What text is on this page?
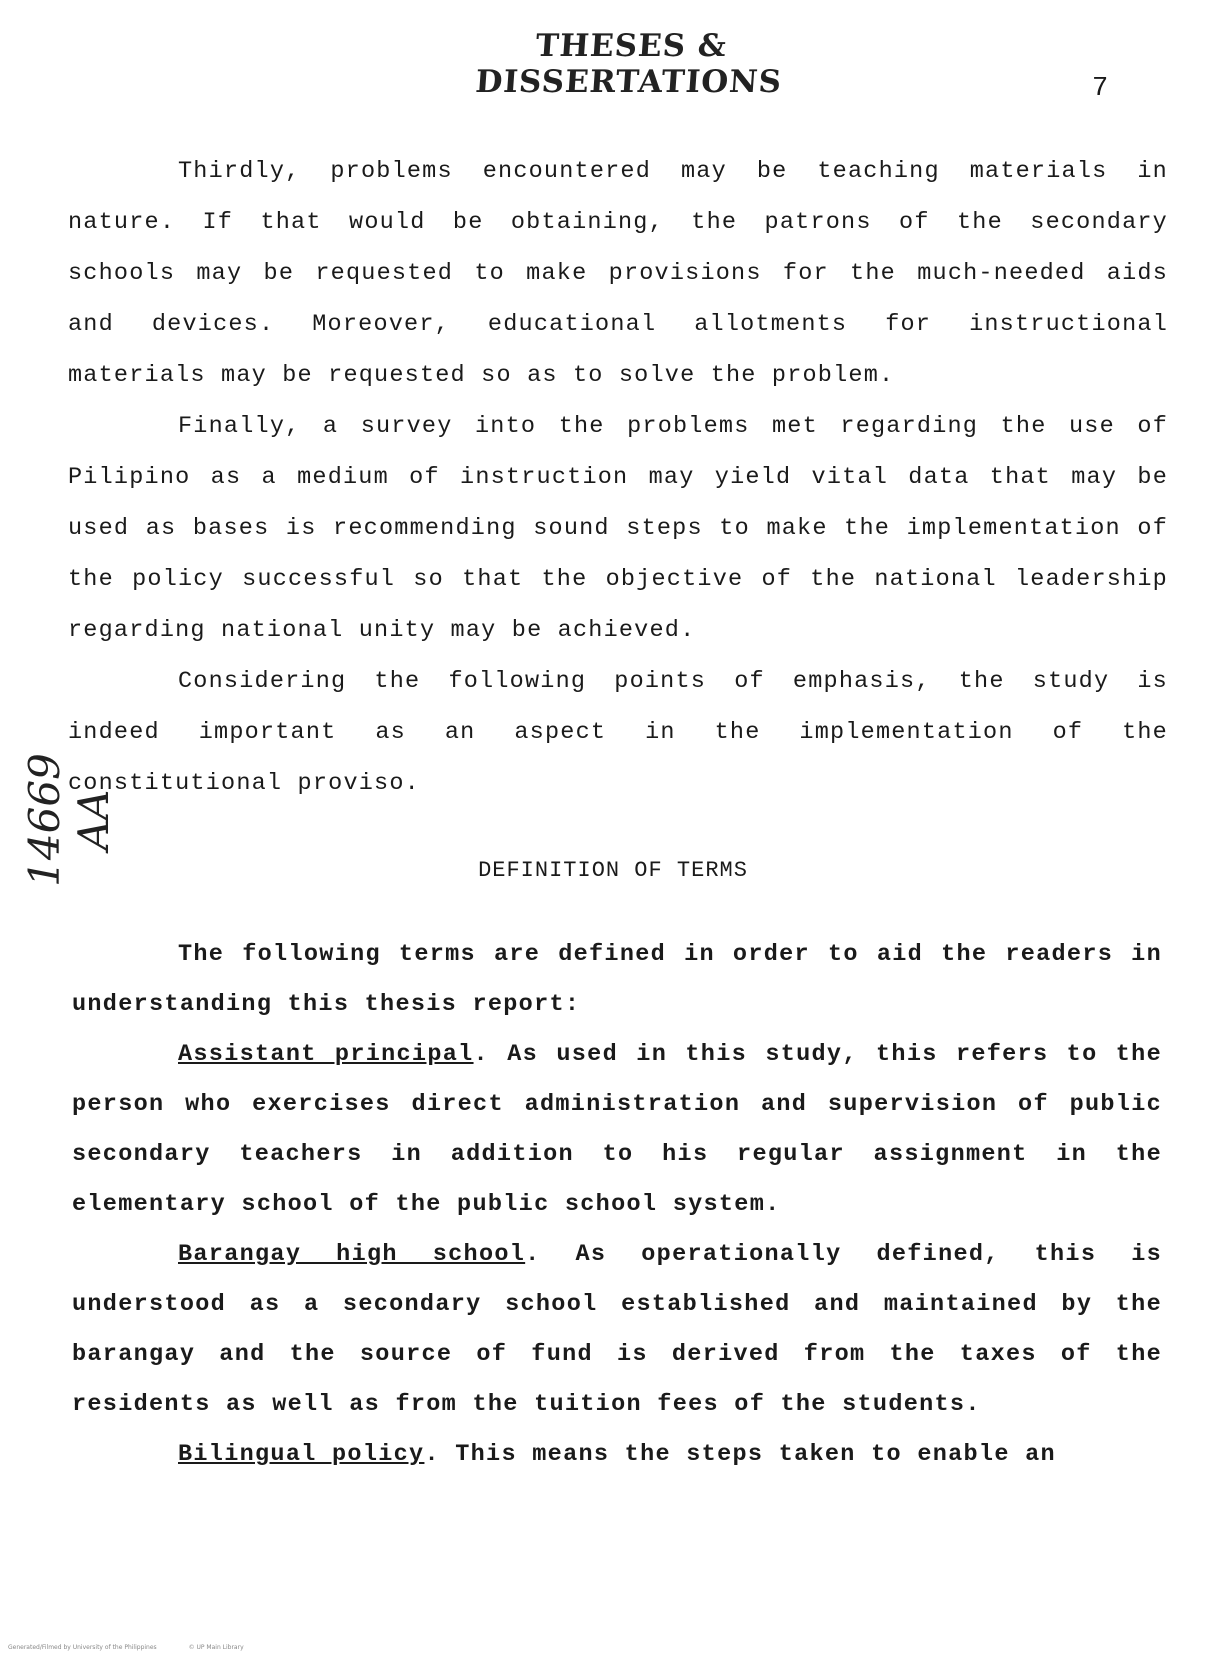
THESES & DISSERTATIONS	7
14669 AA

Thirdly, problems encountered may be teaching materials in nature. If that would be obtaining, the patrons of the secondary schools may be requested to make provisions for the much-needed aids and devices. Moreover, educational allotments for instructional materials may be requested so as to solve the problem.

Finally, a survey into the problems met regarding the use of Pilipino as a medium of instruction may yield vital data that may be used as bases is recommending sound steps to make the implementation of the policy successful so that the objective of the national leadership regarding national unity may be achieved.

Considering the following points of emphasis, the study is indeed important as an aspect in the implementation of the constitutional proviso.

DEFINITION OF TERMS

The following terms are defined in order to aid the readers in understanding this thesis report:

Assistant principal. As used in this study, this refers to the person who exercises direct administration and supervision of public secondary teachers in addition to his regular assignment in the elementary school of the public school system.

Barangay high school. As operationally defined, this is understood as a secondary school established and maintained by the barangay and the source of fund is derived from the taxes of the residents as well as from the tuition fees of the students.

Bilingual policy. This means the steps taken to enable an

Generated/Filmed by University of the Philippines	© UP Main Library
